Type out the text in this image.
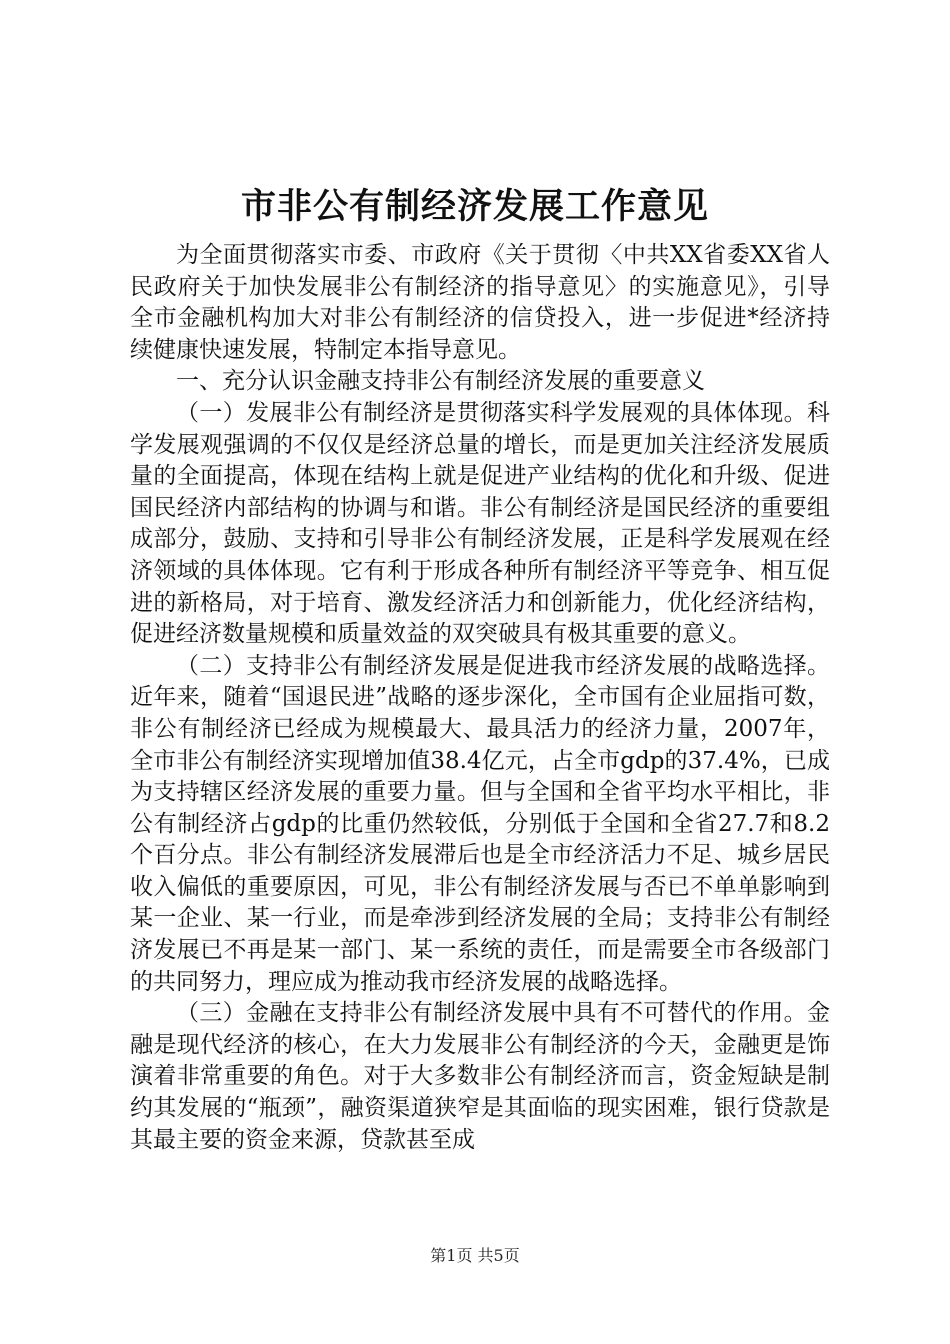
市非公有制经济发展工作意见

为全面贯彻落实市委、市政府《关于贯彻〈中共XX省委XX省人民政府关于加快发展非公有制经济的指导意见〉的实施意见》，引导全市金融机构加大对非公有制经济的信贷投入，进一步促进*经济持续健康快速发展，特制定本指导意见。

一、充分认识金融支持非公有制经济发展的重要意义

（一）发展非公有制经济是贯彻落实科学发展观的具体体现。科学发展观强调的不仅仅是经济总量的增长，而是更加关注经济发展质量的全面提高，体现在结构上就是促进产业结构的优化和升级、促进国民经济内部结构的协调与和谐。非公有制经济是国民经济的重要组成部分，鼓励、支持和引导非公有制经济发展，正是科学发展观在经济领域的具体体现。它有利于形成各种所有制经济平等竞争、相互促进的新格局，对于培育、激发经济活力和创新能力，优化经济结构，促进经济数量规模和质量效益的双突破具有极其重要的意义。

（二）支持非公有制经济发展是促进我市经济发展的战略选择。近年来，随着“国退民进”战略的逐步深化，全市国有企业屈指可数，非公有制经济已经成为规模最大、最具活力的经济力量，2007年，全市非公有制经济实现增加值38.4亿元，占全市gdp的37.4%，已成为支持辖区经济发展的重要力量。但与全国和全省平均水平相比，非公有制经济占gdp的比重仍然较低，分别低于全国和全省27.7和8.2个百分点。非公有制经济发展滞后也是全市经济活力不足、城乡居民收入偏低的重要原因，可见，非公有制经济发展与否已不单单影响到某一企业、某一行业，而是牵涉到经济发展的全局；支持非公有制经济发展已不再是某一部门、某一系统的责任，而是需要全市各级部门的共同努力，理应成为推动我市经济发展的战略选择。

（三）金融在支持非公有制经济发展中具有不可替代的作用。金融是现代经济的核心，在大力发展非公有制经济的今天，金融更是饰演着非常重要的角色。对于大多数非公有制经济而言，资金短缺是制约其发展的“瓶颈”，融资渠道狭窄是其面临的现实困难，银行贷款是其最主要的资金来源，贷款甚至成

第1页 共5页
